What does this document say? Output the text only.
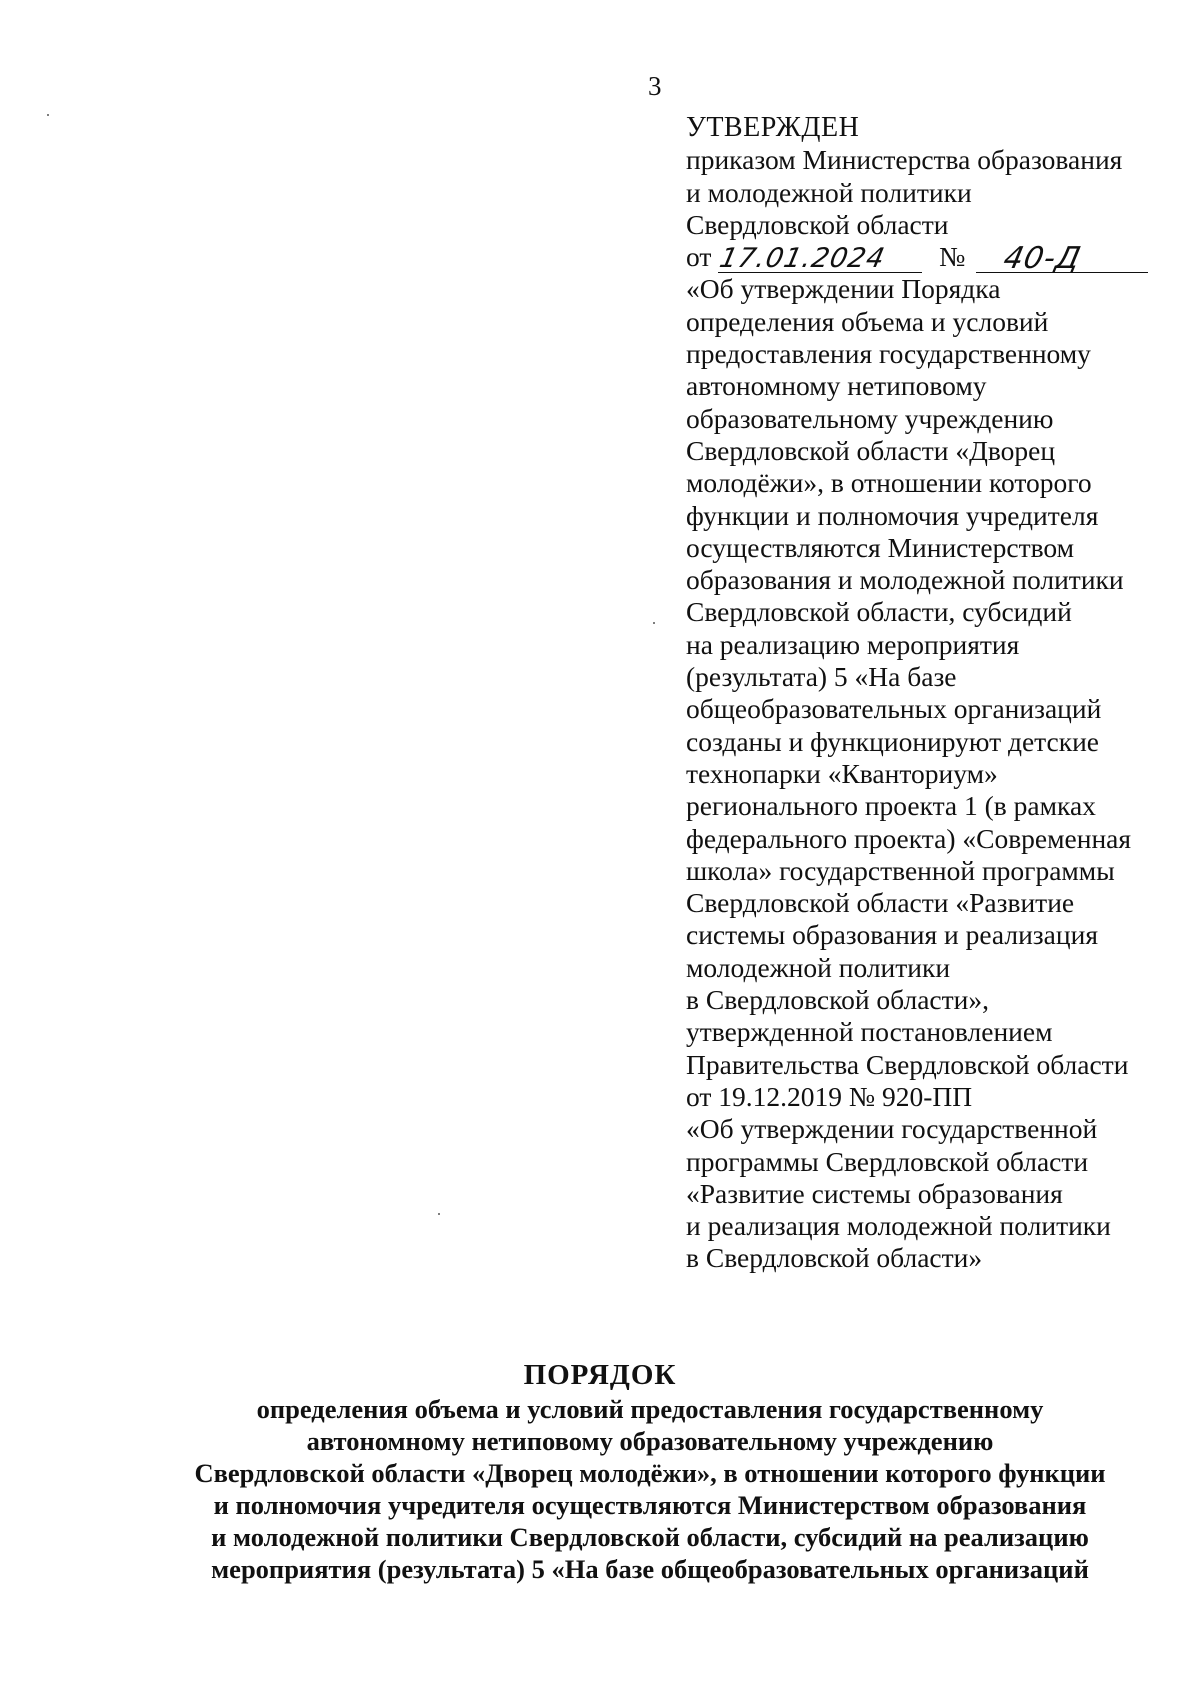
3
УТВЕРЖДЕН
приказом Министерства образования
и молодежной политики
Свердловской области
от 17.01.2024 № 40-Д
«Об утверждении Порядка
определения объема и условий
предоставления государственному
автономному нетиповому
образовательному учреждению
Свердловской области «Дворец
молодёжи», в отношении которого
функции и полномочия учредителя
осуществляются Министерством
образования и молодежной политики
Свердловской области, субсидий
на реализацию мероприятия
(результата) 5 «На базе
общеобразовательных организаций
созданы и функционируют детские
технопарки «Кванториум»
регионального проекта 1 (в рамках
федерального проекта) «Современная
школа» государственной программы
Свердловской области «Развитие
системы образования и реализация
молодежной политики
в Свердловской области»,
утвержденной постановлением
Правительства Свердловской области
от 19.12.2019 № 920-ПП
«Об утверждении государственной
программы Свердловской области
«Развитие системы образования
и реализация молодежной политики
в Свердловской области»
ПОРЯДОК
определения объема и условий предоставления государственному
автономному нетиповому образовательному учреждению
Свердловской области «Дворец молодёжи», в отношении которого функции
и полномочия учредителя осуществляются Министерством образования
и молодежной политики Свердловской области, субсидий на реализацию
мероприятия (результата) 5 «На базе общеобразовательных организаций
